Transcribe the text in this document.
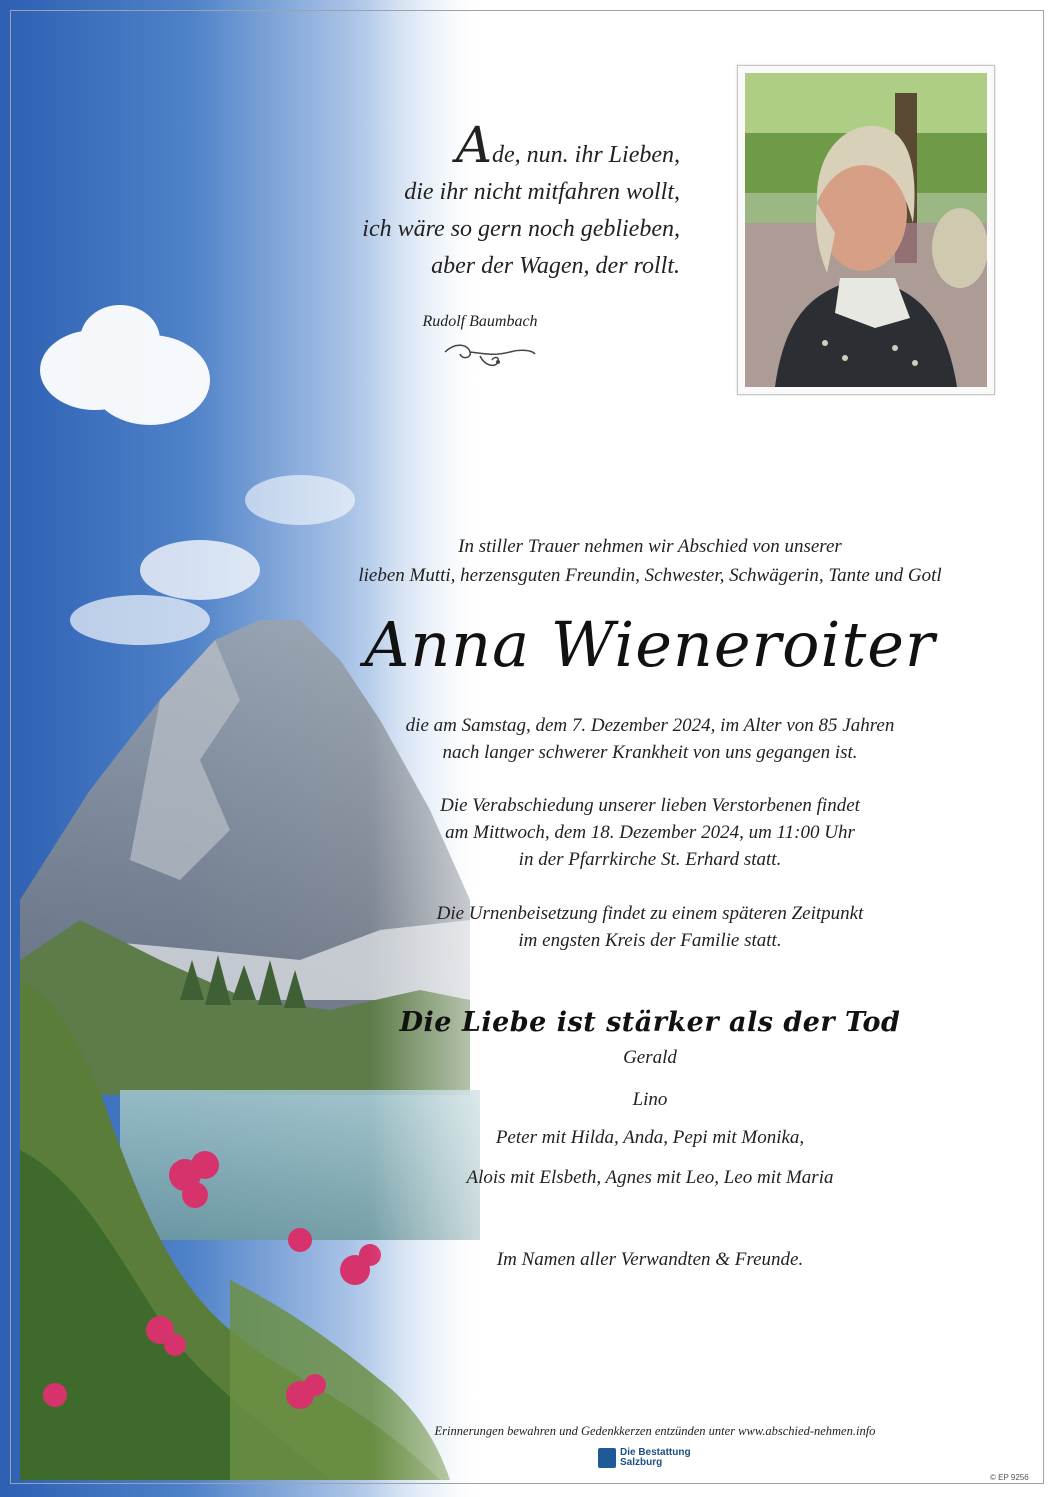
Ade, nun. ihr Lieben,
die ihr nicht mitfahren wollt,
ich wäre so gern noch geblieben,
aber der Wagen, der rollt.
Rudolf Baumbach
In stiller Trauer nehmen wir Abschied von unserer
lieben Mutti, herzensguten Freundin, Schwester, Schwägerin, Tante und Gotl
Anna Wieneroiter
die am Samstag, dem 7. Dezember 2024, im Alter von 85 Jahren
nach langer schwerer Krankheit von uns gegangen ist.
Die Verabschiedung unserer lieben Verstorbenen findet
am Mittwoch, dem 18. Dezember 2024, um 11:00 Uhr
in der Pfarrkirche St. Erhard statt.
Die Urnenbeisetzung findet zu einem späteren Zeitpunkt
im engsten Kreis der Familie statt.
Die Liebe ist stärker als der Tod
Gerald
Lino
Peter mit Hilda, Anda, Pepi mit Monika,
Alois mit Elsbeth, Agnes mit Leo, Leo mit Maria
Im Namen aller Verwandten & Freunde.
Erinnerungen bewahren und Gedenkkerzen entzünden unter www.abschied-nehmen.info
Die Bestattung
Salzburg
© EP 9256
